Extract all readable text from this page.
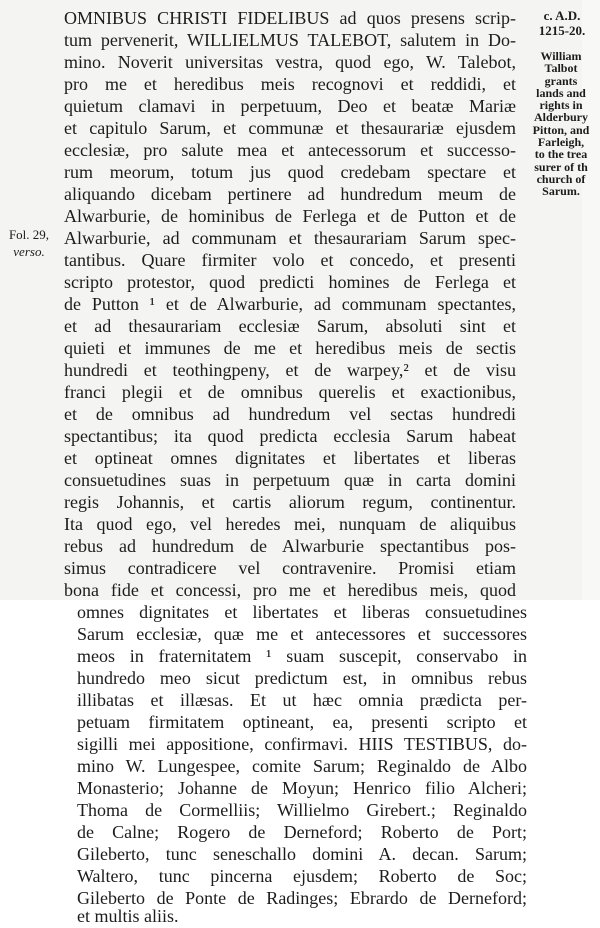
c. A.D.
1215-20.
William
Talbot
grants
lands and
rights in
Alderbury
Pitton, and
Farleigh,
to the trea
surer of th
church of
Sarum.
Fol. 29,
verso.
OMNIBUS CHRISTI FIDELIBUS ad quos presens scrip-
tum pervenerit, WILLIELMUS TALEBOT, salutem in Do-
mino. Noverit universitas vestra, quod ego, W. Talebot,
pro me et heredibus meis recognovi et reddidi, et
quietum clamavi in perpetuum, Deo et beatæ Mariæ
et capitulo Sarum, et communæ et thesaurariæ ejusdem
ecclesiæ, pro salute mea et antecessorum et successo-
rum meorum, totum jus quod credebam spectare et
aliquando dicebam pertinere ad hundredum meum de
Alwarburie, de hominibus de Ferlega et de Putton et de
Alwarburie, ad communam et thesaurariam Sarum spec-
tantibus. Quare firmiter volo et concedo, et presenti
scripto protestor, quod predicti homines de Ferlega et
de Putton ¹ et de Alwarburie, ad communam spectantes,
et ad thesaurariam ecclesiæ Sarum, absoluti sint et
quieti et immunes de me et heredibus meis de sectis
hundredi et teothingpeny, et de warpey,² et de visu
franci plegii et de omnibus querelis et exactionibus,
et de omnibus ad hundredum vel sectas hundredi
spectantibus; ita quod predicta ecclesia Sarum habeat
et optineat omnes dignitates et libertates et liberas
consuetudines suas in perpetuum quæ in carta domini
regis Johannis, et cartis aliorum regum, continentur.
Ita quod ego, vel heredes mei, nunquam de aliquibus
rebus ad hundredum de Alwarburie spectantibus pos-
simus contradicere vel contravenire. Promisi etiam
bona fide et concessi, pro me et heredibus meis, quod
omnes dignitates et libertates et liberas consuetudines
Sarum ecclesiæ, quæ me et antecessores et successores
meos in fraternitatem ¹ suam suscepit, conservabo in
hundredo meo sicut predictum est, in omnibus rebus
illibatas et illæsas. Et ut hæc omnia prædicta per-
petuam firmitatem optineant, ea, presenti scripto et
sigilli mei appositione, confirmavi. HIIS TESTIBUS, do-
mino W. Lungespee, comite Sarum; Reginaldo de Albo
Monasterio; Johanne de Moyun; Henrico filio Alcheri;
Thoma de Cormelliis; Willielmo Girebert.; Reginaldo
de Calne; Rogero de Derneford; Roberto de Port;
Gileberto, tunc seneschallo domini A. decan. Sarum;
Waltero, tunc pincerna ejusdem; Roberto de Soc;
Gileberto de Ponte de Radinges; Ebrardo de Derneford;
et multis aliis.
